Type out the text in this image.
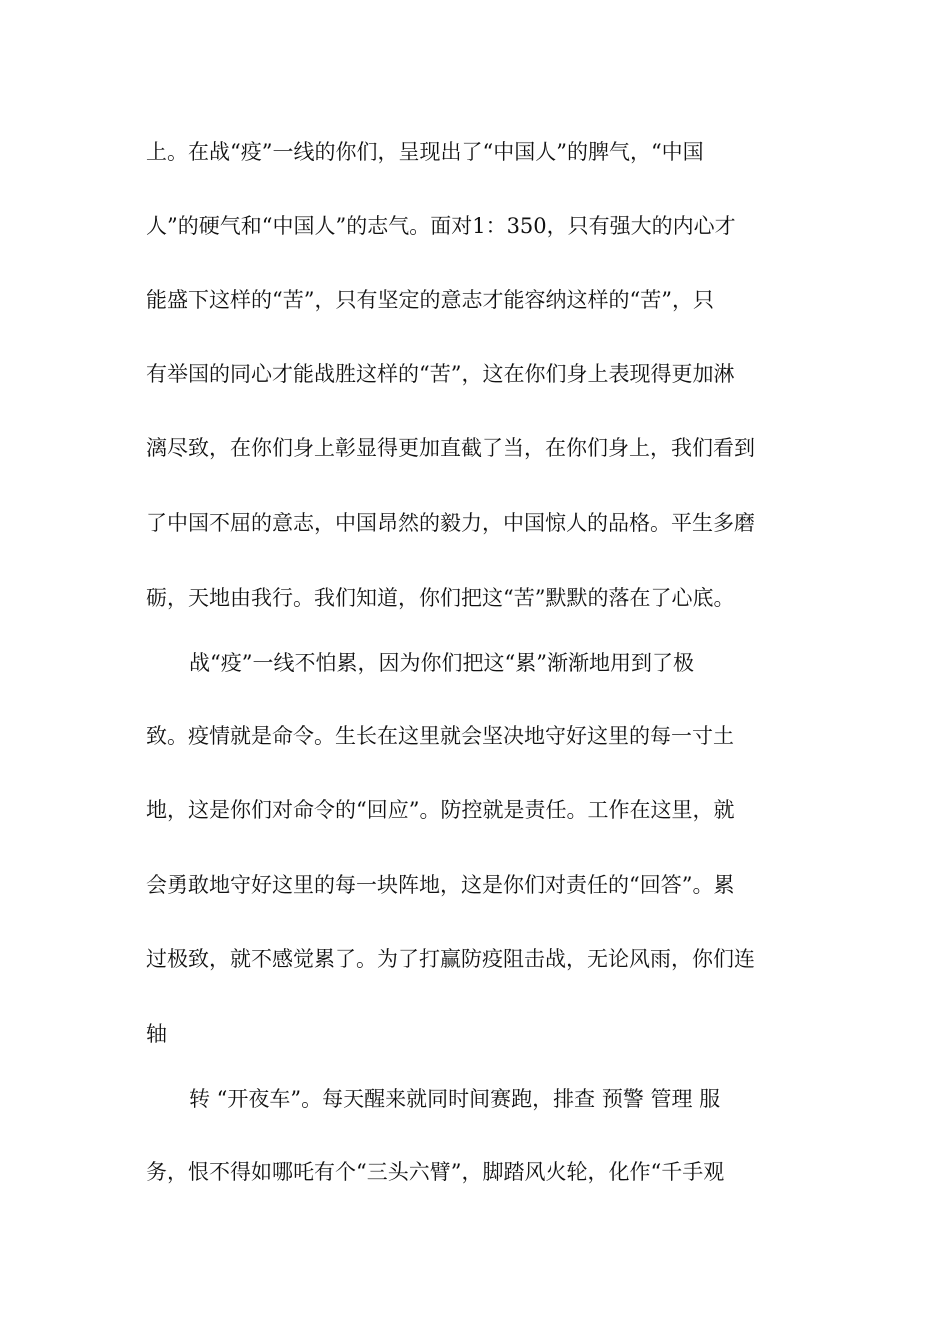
上。在战“疫”一线的你们，呈现出了“中国人”的脾气，“中国
人”的硬气和“中国人”的志气。面对1：350，只有强大的内心才
能盛下这样的“苦”，只有坚定的意志才能容纳这样的“苦”，只
有举国的同心才能战胜这样的“苦”，这在你们身上表现得更加淋
漓尽致，在你们身上彰显得更加直截了当，在你们身上，我们看到
了中国不屈的意志，中国昂然的毅力，中国惊人的品格。平生多磨
砺，天地由我行。我们知道，你们把这“苦”默默的落在了心底。
战“疫”一线不怕累，因为你们把这“累”渐渐地用到了极
致。疫情就是命令。生长在这里就会坚决地守好这里的每一寸土
地，这是你们对命令的“回应”。防控就是责任。工作在这里，就
会勇敢地守好这里的每一块阵地，这是你们对责任的“回答”。累
过极致，就不感觉累了。为了打赢防疫阻击战，无论风雨，你们连
轴
转 “开夜车”。每天醒来就同时间赛跑，排查 预警 管理 服
务，恨不得如哪吒有个“三头六臂”，脚踏风火轮，化作“千手观
